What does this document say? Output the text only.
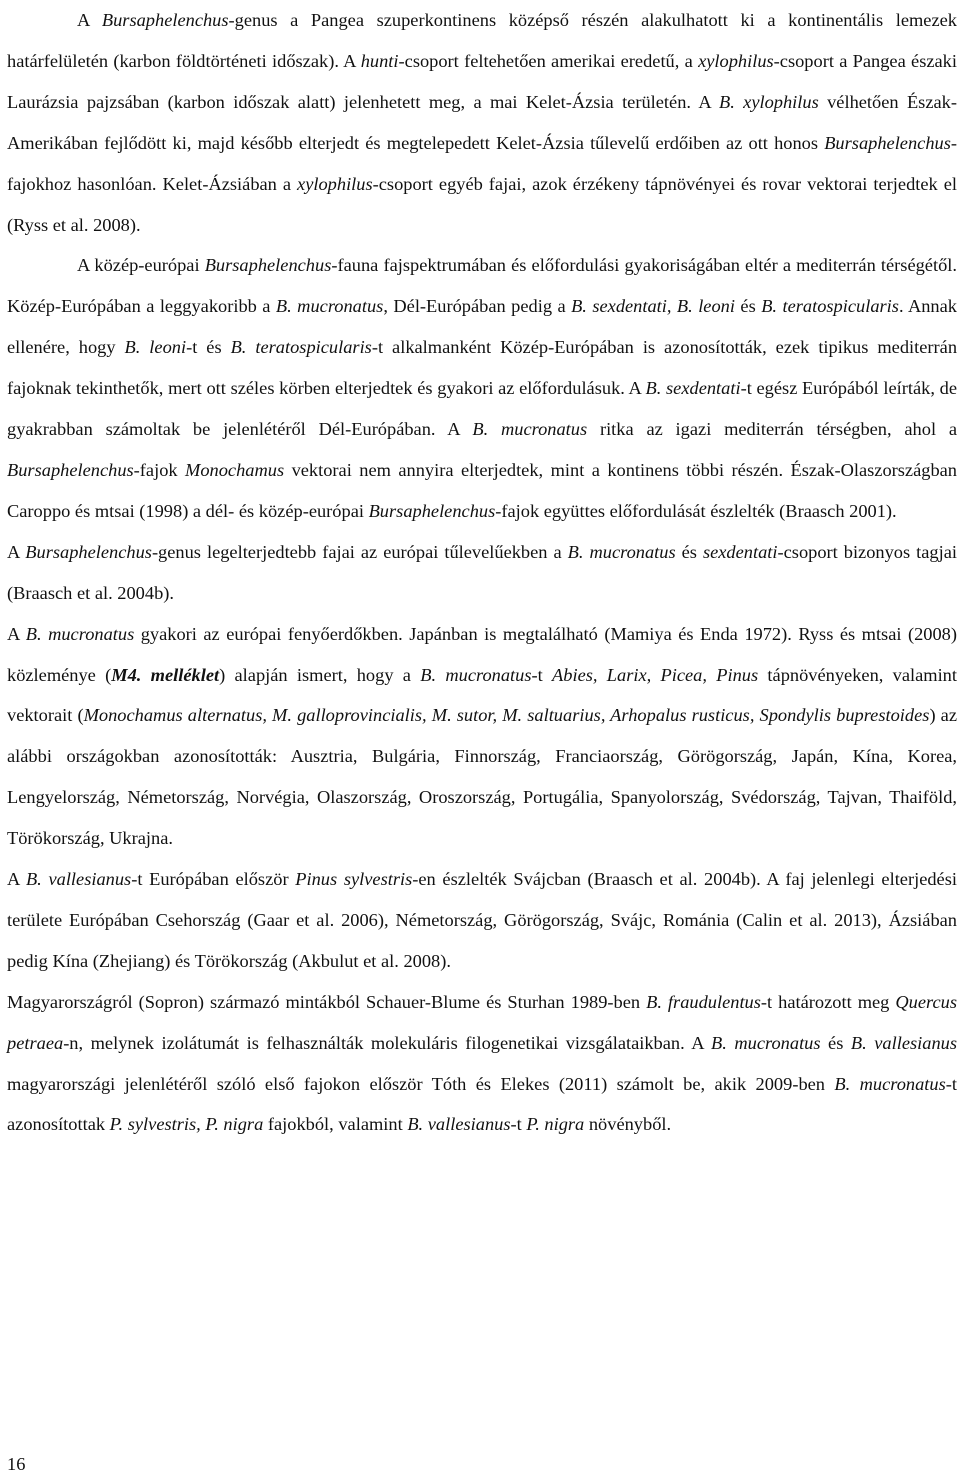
A Bursaphelenchus-genus a Pangea szuperkontinens középső részén alakulhatott ki a kontinentális lemezek határfelületén (karbon földtörténeti időszak). A hunti-csoport feltehetően amerikai eredetű, a xylophilus-csoport a Pangea északi Laurázsia pajzsában (karbon időszak alatt) jelenhetett meg, a mai Kelet-Ázsia területén. A B. xylophilus vélhetően Észak-Amerikában fejlődött ki, majd később elterjedt és megtelepedett Kelet-Ázsia tűlevelű erdőiben az ott honos Bursaphelenchus-fajokhoz hasonlóan. Kelet-Ázsiában a xylophilus-csoport egyéb fajai, azok érzékeny tápnövényei és rovar vektorai terjedtek el (Ryss et al. 2008).

A közép-európai Bursaphelenchus-fauna fajspektrumában és előfordulási gyakoriságában eltér a mediterrán térségétől. Közép-Európában a leggyakoribb a B. mucronatus, Dél-Európában pedig a B. sexdentati, B. leoni és B. teratospicularis. Annak ellenére, hogy B. leoni-t és B. teratospicularis-t alkalmanként Közép-Európában is azonosították, ezek tipikus mediterrán fajoknak tekinthetők, mert ott széles körben elterjedtek és gyakori az előfordulásuk. A B. sexdentati-t egész Európából leírták, de gyakrabban számoltak be jelenlétéről Dél-Európában. A B. mucronatus ritka az igazi mediterrán térségben, ahol a Bursaphelenchus-fajok Monochamus vektorai nem annyira elterjedtek, mint a kontinens többi részén. Észak-Olaszországban Caroppo és mtsai (1998) a dél- és közép-európai Bursaphelenchus-fajok együttes előfordulását észlelték (Braasch 2001).

A Bursaphelenchus-genus legelterjedtebb fajai az európai tűlevelűekben a B. mucronatus és sexdentati-csoport bizonyos tagjai (Braasch et al. 2004b).

A B. mucronatus gyakori az európai fenyőerdőkben. Japánban is megtalálható (Mamiya és Enda 1972). Ryss és mtsai (2008) közleménye (M4. melléklet) alapján ismert, hogy a B. mucronatus-t Abies, Larix, Picea, Pinus tápnövényeken, valamint vektorait (Monochamus alternatus, M. galloprovincialis, M. sutor, M. saltuarius, Arhopalus rusticus, Spondylis buprestoides) az alábbi országokban azonosították: Ausztria, Bulgária, Finnország, Franciaország, Görögország, Japán, Kína, Korea, Lengyelország, Németország, Norvégia, Olaszország, Oroszország, Portugália, Spanyolország, Svédország, Tajvan, Thaiföld, Törökország, Ukrajna.

A B. vallesianus-t Európában először Pinus sylvestris-en észlelték Svájcban (Braasch et al. 2004b). A faj jelenlegi elterjedési területe Európában Csehország (Gaar et al. 2006), Németország, Görögország, Svájc, Románia (Calin et al. 2013), Ázsiában pedig Kína (Zhejiang) és Törökország (Akbulut et al. 2008).

Magyarországról (Sopron) származó mintákból Schauer-Blume és Sturhan 1989-ben B. fraudulentus-t határozott meg Quercus petraea-n, melynek izolátumát is felhasználták molekuláris filogenetikai vizsgálataikban. A B. mucronatus és B. vallesianus magyarországi jelenlétéről szóló első fajokon először Tóth és Elekes (2011) számolt be, akik 2009-ben B. mucronatus-t azonosítottak P. sylvestris, P. nigra fajokból, valamint B. vallesianus-t P. nigra növényből.

16
